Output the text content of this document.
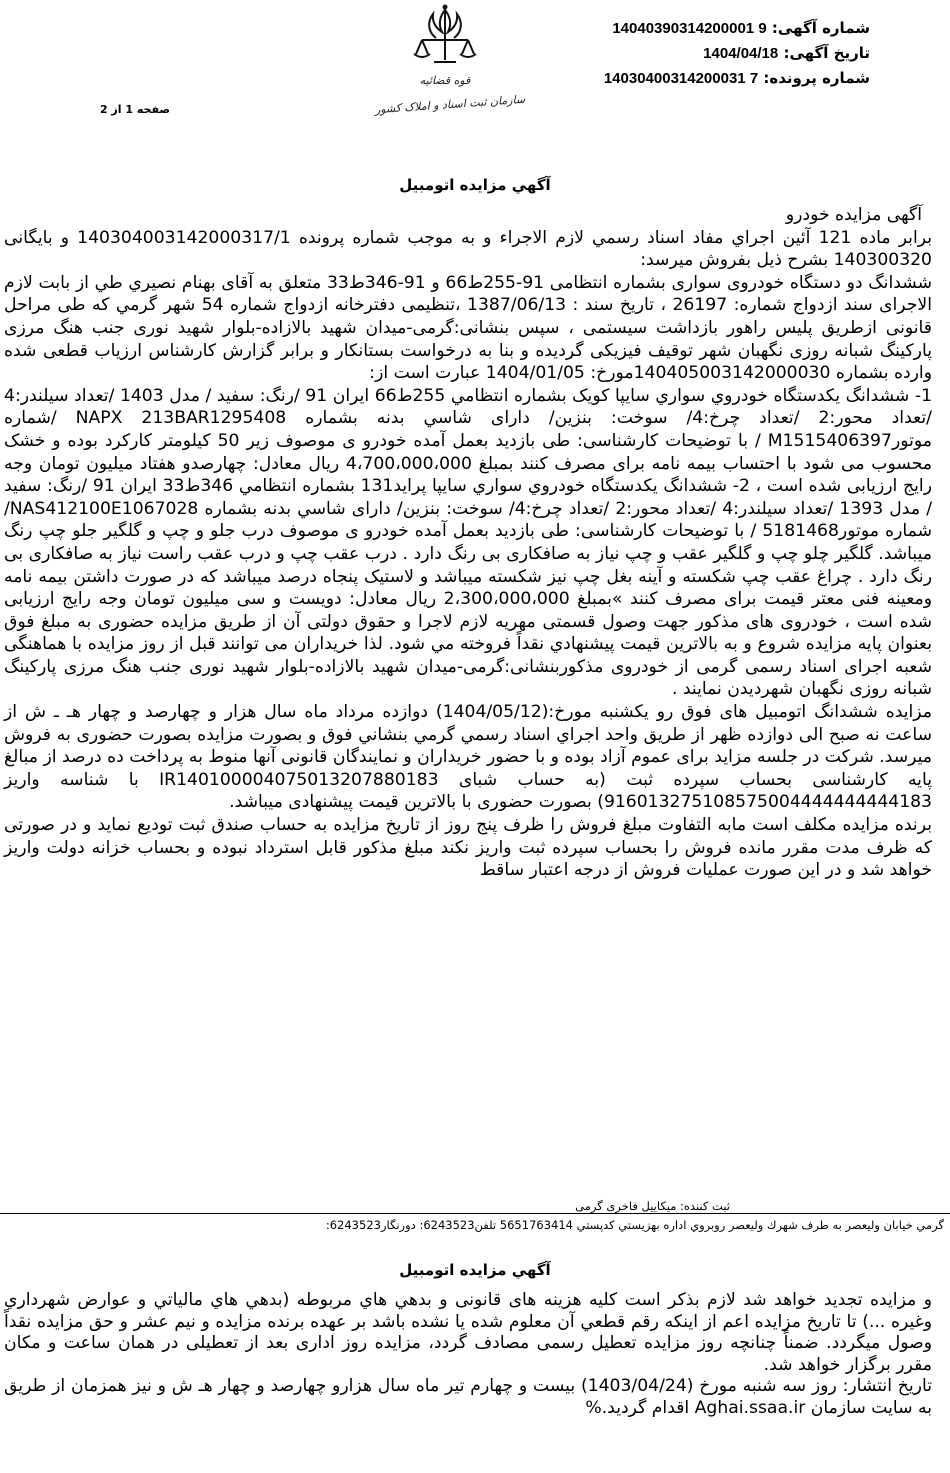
شماره آگهی: 14040390314200001 9
تاریخ آگهی: 1404/04/18
شماره پرونده: 14030400314200031 7
صفحه 1 از 2
قوه قضائیه
سازمان ثبت اسناد و املاک کشور
آگهي مزايده اتومبيل
آگهی مزایده خودرو
برابر ماده 121 آئین اجراي مفاد اسناد رسمي لازم الاجراء و به موجب شماره پرونده 140304003142000317/1 و بایگانی 140300320 بشرح ذیل بفروش میرسد:
ششدانگ دو دستگاه خودروی سواری بشماره انتظامی 91-255ط66 و 91-346ط33 متعلق به آقای بهنام نصيري طي از بابت لازم الاجرای سند ازدواج شماره: 26197 ، تاریخ سند : 1387/06/13 ،تنظیمی دفترخانه ازدواج شماره 54 شهر گرمي که طی مراحل قانونی ازطریق پلیس راهور بازداشت سیستمی ، سپس بنشانی:گرمی-میدان شهید بالازاده-بلوار شهید نوری جنب هنگ مرزی پارکینگ شبانه روزی نگهبان شهر توقیف فیزیکی گردیده و بنا به درخواست بستانکار و برابر گزارش کارشناس ارزیاب قطعی شده وارده بشماره 140405003142000030مورخ: 1404/01/05 عبارت است از:
1- ششدانگ یکدستگاه خودروي سواري سايپا كويک بشماره انتظامي 255ط66 ایران 91 /رنگ: سفید / مدل 1403 /تعداد سیلندر:4 /تعداد محور:2 /تعداد چرخ:4/ سوخت: بنزین/ دارای شاسي بدنه بشماره NAPX 213BAR1295408 /شماره موتورM1515406397 / با توضیحات کارشناسی: طی بازدید بعمل آمده خودرو ی موصوف زیر 50 کیلومتر کارکرد بوده و خشک محسوب می شود با احتساب بیمه نامه برای مصرف کنند بمبلغ 4،700،000،000 ریال معادل: چهارصدو هفتاد میلیون تومان وجه رایج ارزیابی شده است ، 2- ششدانگ یکدستگاه خودروي سواري سايپا پرايد131 بشماره انتظامي 346ط33 ایران 91 /رنگ: سفید / مدل 1393 /تعداد سیلندر:4 /تعداد محور:2 /تعداد چرخ:4/ سوخت: بنزین/ دارای شاسي بدنه بشماره NAS412100E1067028/ شماره موتور5181468 / با توضیحات کارشناسی: طی بازدید بعمل آمده خودرو ی موصوف درب جلو و چپ و گلگیر جلو چپ رنگ میباشد. گلگیر چلو چپ و گلگیر عقب و چپ نیاز به صافکاری بی رنگ دارد . درب عقب چپ و درب عقب راست نیاز به صافکاری بی رنگ دارد . چراغ عقب چپ شکسته و آینه بغل چپ نیز شکسته میباشد و لاستیک پنجاه درصد میباشد که در صورت داشتن بیمه نامه ومعینه فنی معتر قیمت برای مصرف کنند »بمبلغ 2،300،000،000 ریال معادل: دویست و سی میلیون تومان وجه رایج ارزیابی شده است ، خودروی های مذکور جهت وصول قسمتی مهریه لازم لاجرا و حقوق دولتی آن از طریق مزایده حضوری به مبلغ فوق بعنوان پایه مزایده شروع و به بالاترین قیمت پیشنهادي نقداً فروخته مي شود. لذا خریداران می توانند قبل از روز مزایده با هماهنگی شعبه اجرای اسناد رسمی گرمی از خودروی مذکوربنشانی:گرمی-میدان شهید بالازاده-بلوار شهید نوری جنب هنگ مرزی پارکینگ شبانه روزی نگهبان شهردیدن نمایند .
مزایده ششدانگ اتومبیل های فوق رو یکشنبه مورخ:(1404/05/12) دوازده مرداد ماه سال هزار و چهارصد و چهار هـ ـ ش از ساعت نه صبح الی دوازده ظهر از طريق واحد اجراي اسناد رسمي گرمي بنشاني فوق و بصورت مزایده بصورت حضوری به فروش میرسد. شرکت در جلسه مزاید برای عموم آزاد بوده و با حضور خریداران و نمایندگان قانونی آنها منوط به پرداخت ده درصد از مبالغ پایه کارشناسی بحساب سپرده ثبت (به حساب شبای IR140100004075013207880183 با شناسه واریز 916013275108575004444444444183) بصورت حضوری با بالاترین قیمت پیشنهادی میباشد.
برنده مزایده مکلف است مابه التفاوت مبلغ فروش را ظرف پنج روز از تاریخ مزایده به حساب صندق ثبت تودیع نماید و در صورتی که ظرف مدت مقرر مانده فروش را بحساب سپرده ثبت واریز نکند مبلغ مذکور قابل استرداد نبوده و بحساب خزانه دولت واریز خواهد شد و در این صورت عملیات فروش از درجه اعتبار ساقط
ثبت کننده: میکاییل فاخری گرمی
گرمي خيابان وليعصر به طرف شهرك وليعصر روبروي اداره بهزيستي كدپستي 5651763414 تلفن6243523: دورنگار6243523:
آگهي مزايده اتومبيل
و مزایده تجدید خواهد شد لازم بذکر است کلیه هزینه های قانونی و بدهي هاي مربوطه (بدهي هاي مالياتي و عوارض شهرداري وغيره ...) تا تاريخ مزايده اعم از اینکه رقم قطعي آن معلوم شده يا نشده باشد بر عهده برنده مزايده و نیم عشر و حق مزایده نقداً وصول میگردد. ضمناً چنانچه روز مزایده تعطیل رسمی مصادف گردد، مزایده روز اداری بعد از تعطیلی در همان ساعت و مکان مقرر برگزار خواهد شد.
تاریخ انتشار: روز سه شنبه مورخ (1403/04/24) بیست و چهارم تیر ماه سال هزارو چهارصد و چهار هـ ش و نیز همزمان از طریق به سایت سازمان Aghai.ssaa.ir اقدام گردید.%
